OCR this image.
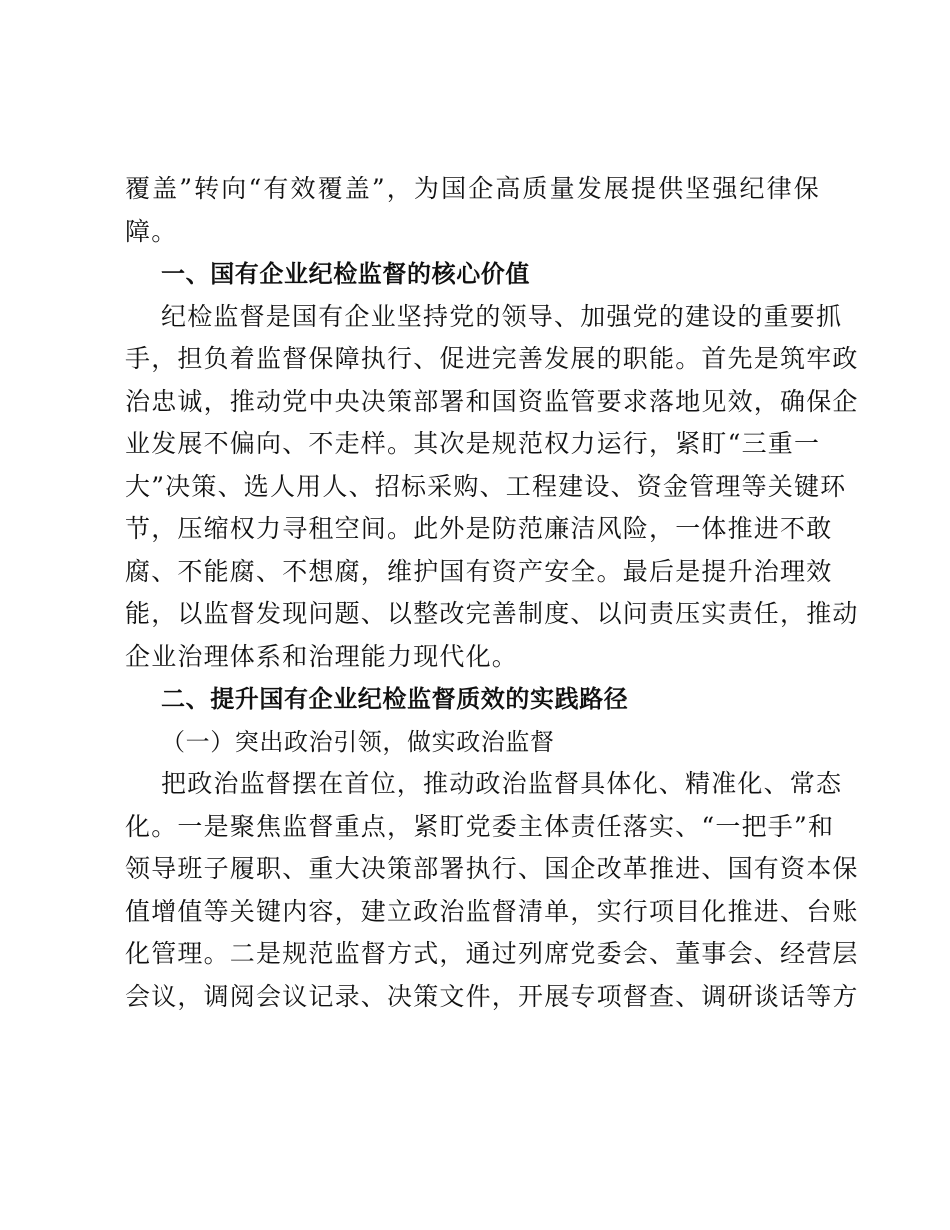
覆盖”转向“有效覆盖”，为国企高质量发展提供坚强纪律保
障。
一、国有企业纪检监督的核心价值
纪检监督是国有企业坚持党的领导、加强党的建设的重要抓
手，担负着监督保障执行、促进完善发展的职能。首先是筑牢政
治忠诚，推动党中央决策部署和国资监管要求落地见效，确保企
业发展不偏向、不走样。其次是规范权力运行，紧盯“三重一
大”决策、选人用人、招标采购、工程建设、资金管理等关键环
节，压缩权力寻租空间。此外是防范廉洁风险，一体推进不敢
腐、不能腐、不想腐，维护国有资产安全。最后是提升治理效
能，以监督发现问题、以整改完善制度、以问责压实责任，推动
企业治理体系和治理能力现代化。
二、提升国有企业纪检监督质效的实践路径
（一）突出政治引领，做实政治监督
把政治监督摆在首位，推动政治监督具体化、精准化、常态
化。一是聚焦监督重点，紧盯党委主体责任落实、“一把手”和
领导班子履职、重大决策部署执行、国企改革推进、国有资本保
值增值等关键内容，建立政治监督清单，实行项目化推进、台账
化管理。二是规范监督方式，通过列席党委会、董事会、经营层
会议，调阅会议记录、决策文件，开展专项督查、调研谈话等方
